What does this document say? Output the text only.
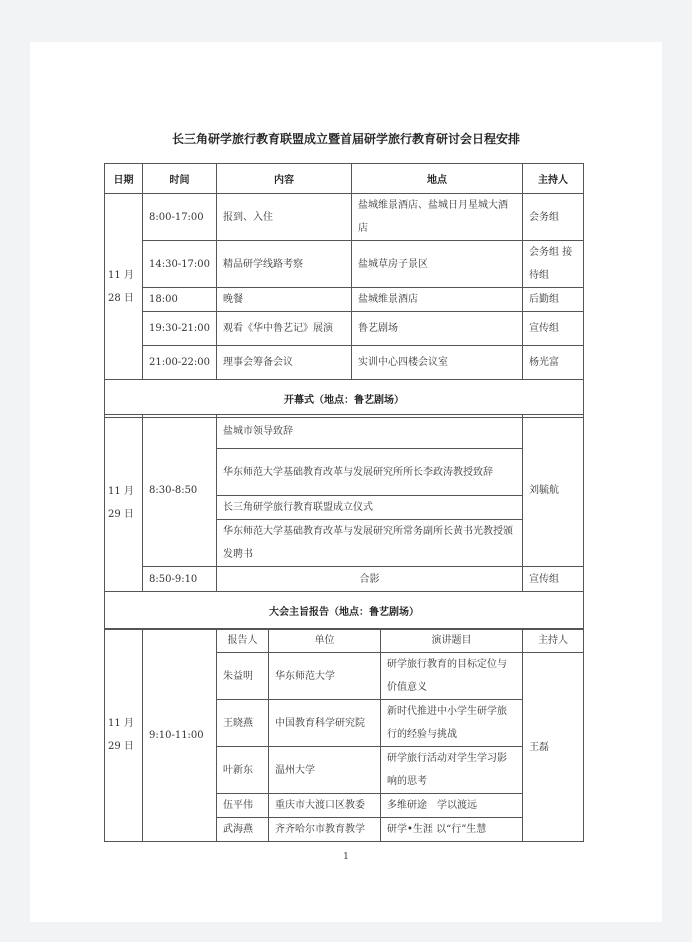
长三角研学旅行教育联盟成立暨首届研学旅行教育研讨会日程安排
日期	时间	内容	地点	主持人
11 月 28 日	8:00-17:00	报到、入住	盐城维景酒店、盐城日月星城大酒店	会务组
	14:30-17:00	精品研学线路考察	盐城草房子景区	会务组 接待组
	18:00	晚餐	盐城维景酒店	后勤组
	19:30-21:00	观看《华中鲁艺记》展演	鲁艺剧场	宣传组
	21:00-22:00	理事会筹备会议	实训中心四楼会议室	杨光富
开幕式（地点：鲁艺剧场）				
11 月 29 日	8:30-8:50	盐城市领导致辞	刘毓航
		华东师范大学基础教育改革与发展研究所所长李政涛教授致辞	
		长三角研学旅行教育联盟成立仪式	
		华东师范大学基础教育改革与发展研究所常务副所长黄书光教授颁发聘书	
	8:50-9:10	合影	宣传组
大会主旨报告（地点：鲁艺剧场）			
11 月 29 日	9:10-11:00	报告人	单位	演讲题目	主持人
		朱益明	华东师范大学	研学旅行教育的目标定位与价值意义	王磊
		王晓燕	中国教育科学研究院	新时代推进中小学生研学旅行的经验与挑战	
		叶新东	温州大学	研学旅行活动对学生学习影响的思考	
		伍平伟	重庆市大渡口区教委	多维研途　学以渡远	
		武海燕	齐齐哈尔市教育教学	研学•生涯 以“行”生慧	
1
